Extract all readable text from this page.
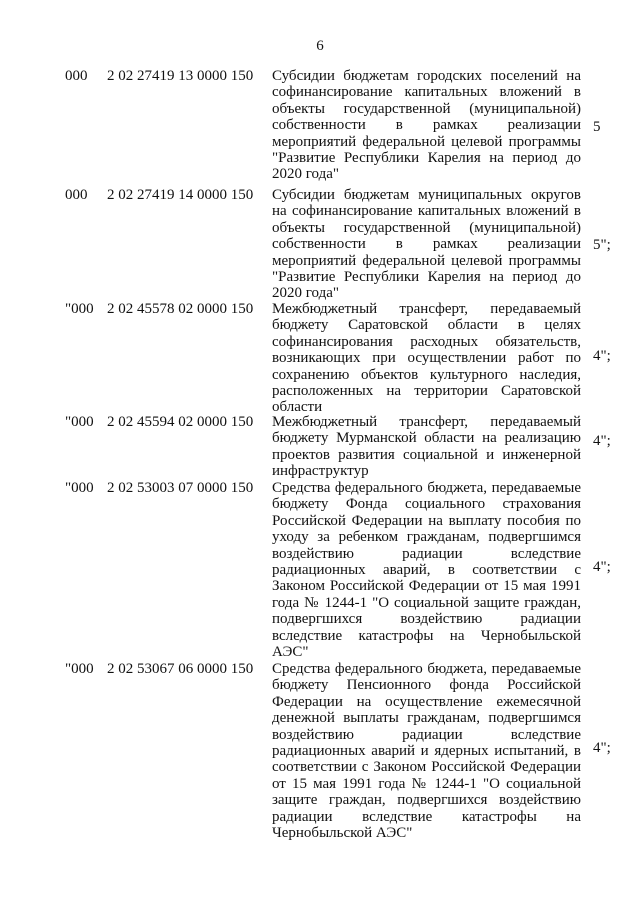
6
000 2 02 27419 13 0000 150 Субсидии бюджетам городских поселений на софинансирование капитальных вложений в объекты государственной (муниципальной) собственности в рамках реализации мероприятий федеральной целевой программы "Развитие Республики Карелия на период до 2020 года"
5
000 2 02 27419 14 0000 150 Субсидии бюджетам муниципальных округов на софинансирование капитальных вложений в объекты государственной (муниципальной) собственности в рамках реализации мероприятий федеральной целевой программы "Развитие Республики Карелия на период до 2020 года"
5";
"000 2 02 45578 02 0000 150 Межбюджетный трансферт, передаваемый бюджету Саратовской области в целях софинансирования расходных обязательств, возникающих при осуществлении работ по сохранению объектов культурного наследия, расположенных на территории Саратовской области
4";
"000 2 02 45594 02 0000 150 Межбюджетный трансферт, передаваемый бюджету Мурманской области на реализацию проектов развития социальной и инженерной инфраструктур
4";
"000 2 02 53003 07 0000 150 Средства федерального бюджета, передаваемые бюджету Фонда социального страхования Российской Федерации на выплату пособия по уходу за ребенком гражданам, подвергшимся воздействию радиации вследствие радиационных аварий, в соответствии с Законом Российской Федерации от 15 мая 1991 года № 1244-1 "О социальной защите граждан, подвергшихся воздействию радиации вследствие катастрофы на Чернобыльской АЭС"
4";
"000 2 02 53067 06 0000 150 Средства федерального бюджета, передаваемые бюджету Пенсионного фонда Российской Федерации на осуществление ежемесячной денежной выплаты гражданам, подвергшимся воздействию радиации вследствие радиационных аварий и ядерных испытаний, в соответствии с Законом Российской Федерации от 15 мая 1991 года № 1244-1 "О социальной защите граждан, подвергшихся воздействию радиации вследствие катастрофы на Чернобыльской АЭС"
4";
